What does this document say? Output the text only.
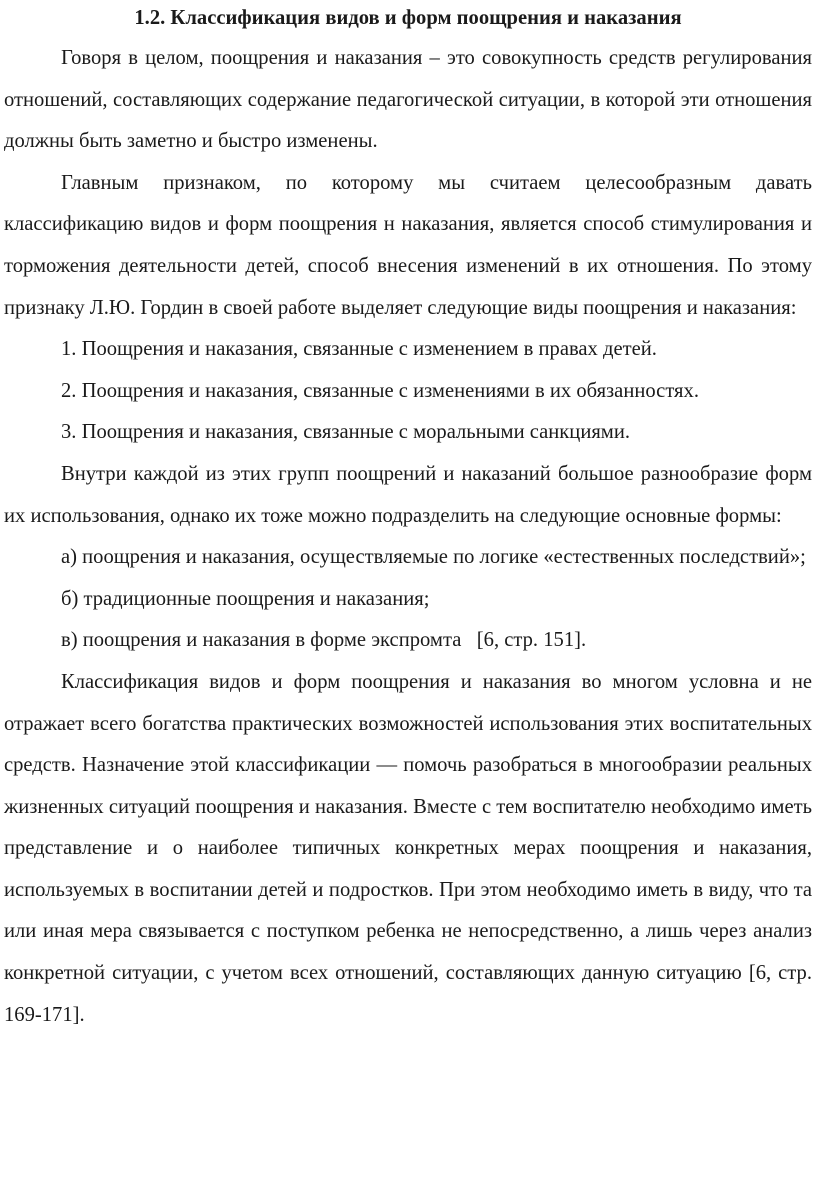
1.2. Классификация видов и форм поощрения и наказания

Говоря в целом, поощрения и наказания – это совокупность средств регулирования отношений, составляющих содержание педагогической ситуации, в которой эти отношения должны быть заметно и быстро изменены.

Главным признаком, по которому мы считаем целесообразным давать классификацию видов и форм поощрения н наказания, является способ стимулирования и торможения деятельности детей, способ внесения изменений в их отношения. По этому признаку Л.Ю. Гордин в своей работе выделяет следующие виды поощрения и наказания:

1. Поощрения и наказания, связанные с изменением в правах детей.

2. Поощрения и наказания, связанные с изменениями в их обязанностях.

3. Поощрения и наказания, связанные с моральными санкциями.

Внутри каждой из этих групп поощрений и наказаний большое разнообразие форм их использования, однако их тоже можно подразделить на следующие основные формы:

а) поощрения и наказания, осуществляемые по логике «естественных последствий»;

б) традиционные поощрения и наказания;

в) поощрения и наказания в форме экспромта   [6, стр. 151].

Классификация видов и форм поощрения и наказания во многом условна и не отражает всего богатства практических возможностей использования этих воспитательных средств. Назначение этой классификации — помочь разобраться в многообразии реальных жизненных ситуаций поощрения и наказания. Вместе с тем воспитателю необходимо иметь представление и о наиболее типичных конкретных мерах поощрения и наказания, используемых в воспитании детей и подростков. При этом необходимо иметь в виду, что та или иная мера связывается с поступком ребенка не непосредственно, а лишь через анализ конкретной ситуации, с учетом всех отношений, составляющих данную ситуацию [6, стр. 169-171].
